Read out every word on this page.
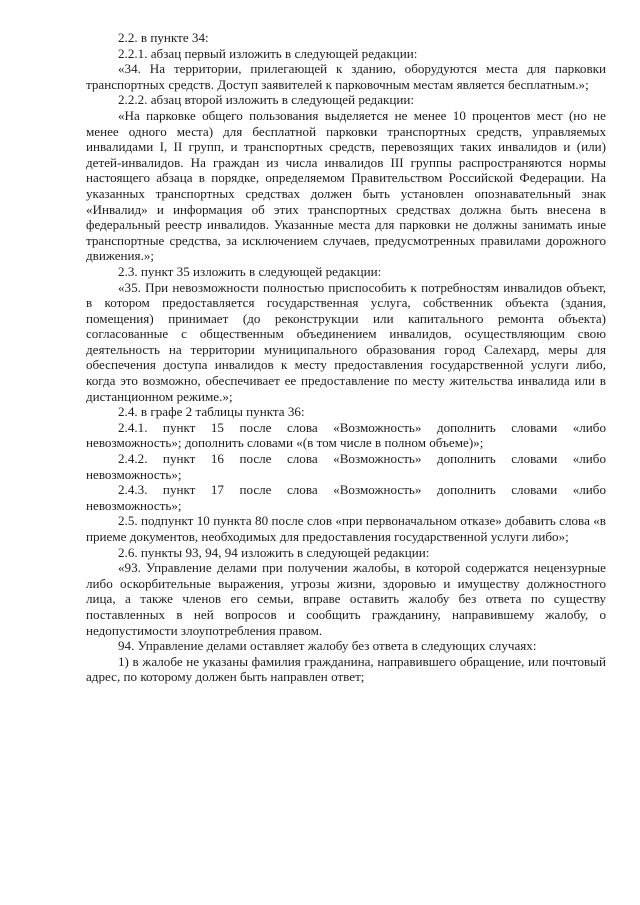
2.2. в пункте 34:

2.2.1. абзац первый изложить в следующей редакции:

«34. На территории, прилегающей к зданию, оборудуются места для парковки транспортных средств. Доступ заявителей к парковочным местам является бесплатным.»;

2.2.2. абзац второй изложить в следующей редакции:

«На парковке общего пользования выделяется не менее 10 процентов мест (но не менее одного места) для бесплатной парковки транспортных средств, управляемых инвалидами I, II групп, и транспортных средств, перевозящих таких инвалидов и (или) детей-инвалидов. На граждан из числа инвалидов III группы распространяются нормы настоящего абзаца в порядке, определяемом Правительством Российской Федерации. На указанных транспортных средствах должен быть установлен опознавательный знак «Инвалид» и информация об этих транспортных средствах должна быть внесена в федеральный реестр инвалидов. Указанные места для парковки не должны занимать иные транспортные средства, за исключением случаев, предусмотренных правилами дорожного движения.»;

2.3. пункт 35 изложить в следующей редакции:

«35. При невозможности полностью приспособить к потребностям инвалидов объект, в котором предоставляется государственная услуга, собственник объекта (здания, помещения) принимает (до реконструкции или капитального ремонта объекта) согласованные с общественным объединением инвалидов, осуществляющим свою деятельность на территории муниципального образования город Салехард, меры для обеспечения доступа инвалидов к месту предоставления государственной услуги либо, когда это возможно, обеспечивает ее предоставление по месту жительства инвалида или в дистанционном режиме.»;

2.4. в графе 2 таблицы пункта 36:

2.4.1. пункт 15 после слова «Возможность» дополнить словами «либо невозможность»; дополнить словами «(в том числе в полном объеме)»;

2.4.2. пункт 16 после слова «Возможность» дополнить словами «либо невозможность»;

2.4.3. пункт 17 после слова «Возможность» дополнить словами «либо невозможность»;

2.5. подпункт 10 пункта 80 после слов «при первоначальном отказе» добавить слова «в приеме документов, необходимых для предоставления государственной услуги либо»;

2.6. пункты 93, 94, 94 изложить в следующей редакции:

«93. Управление делами при получении жалобы, в которой содержатся нецензурные либо оскорбительные выражения, угрозы жизни, здоровью и имуществу должностного лица, а также членов его семьи, вправе оставить жалобу без ответа по существу поставленных в ней вопросов и сообщить гражданину, направившему жалобу, о недопустимости злоупотребления правом.

94. Управление делами оставляет жалобу без ответа в следующих случаях:

1) в жалобе не указаны фамилия гражданина, направившего обращение, или почтовый адрес, по которому должен быть направлен ответ;
